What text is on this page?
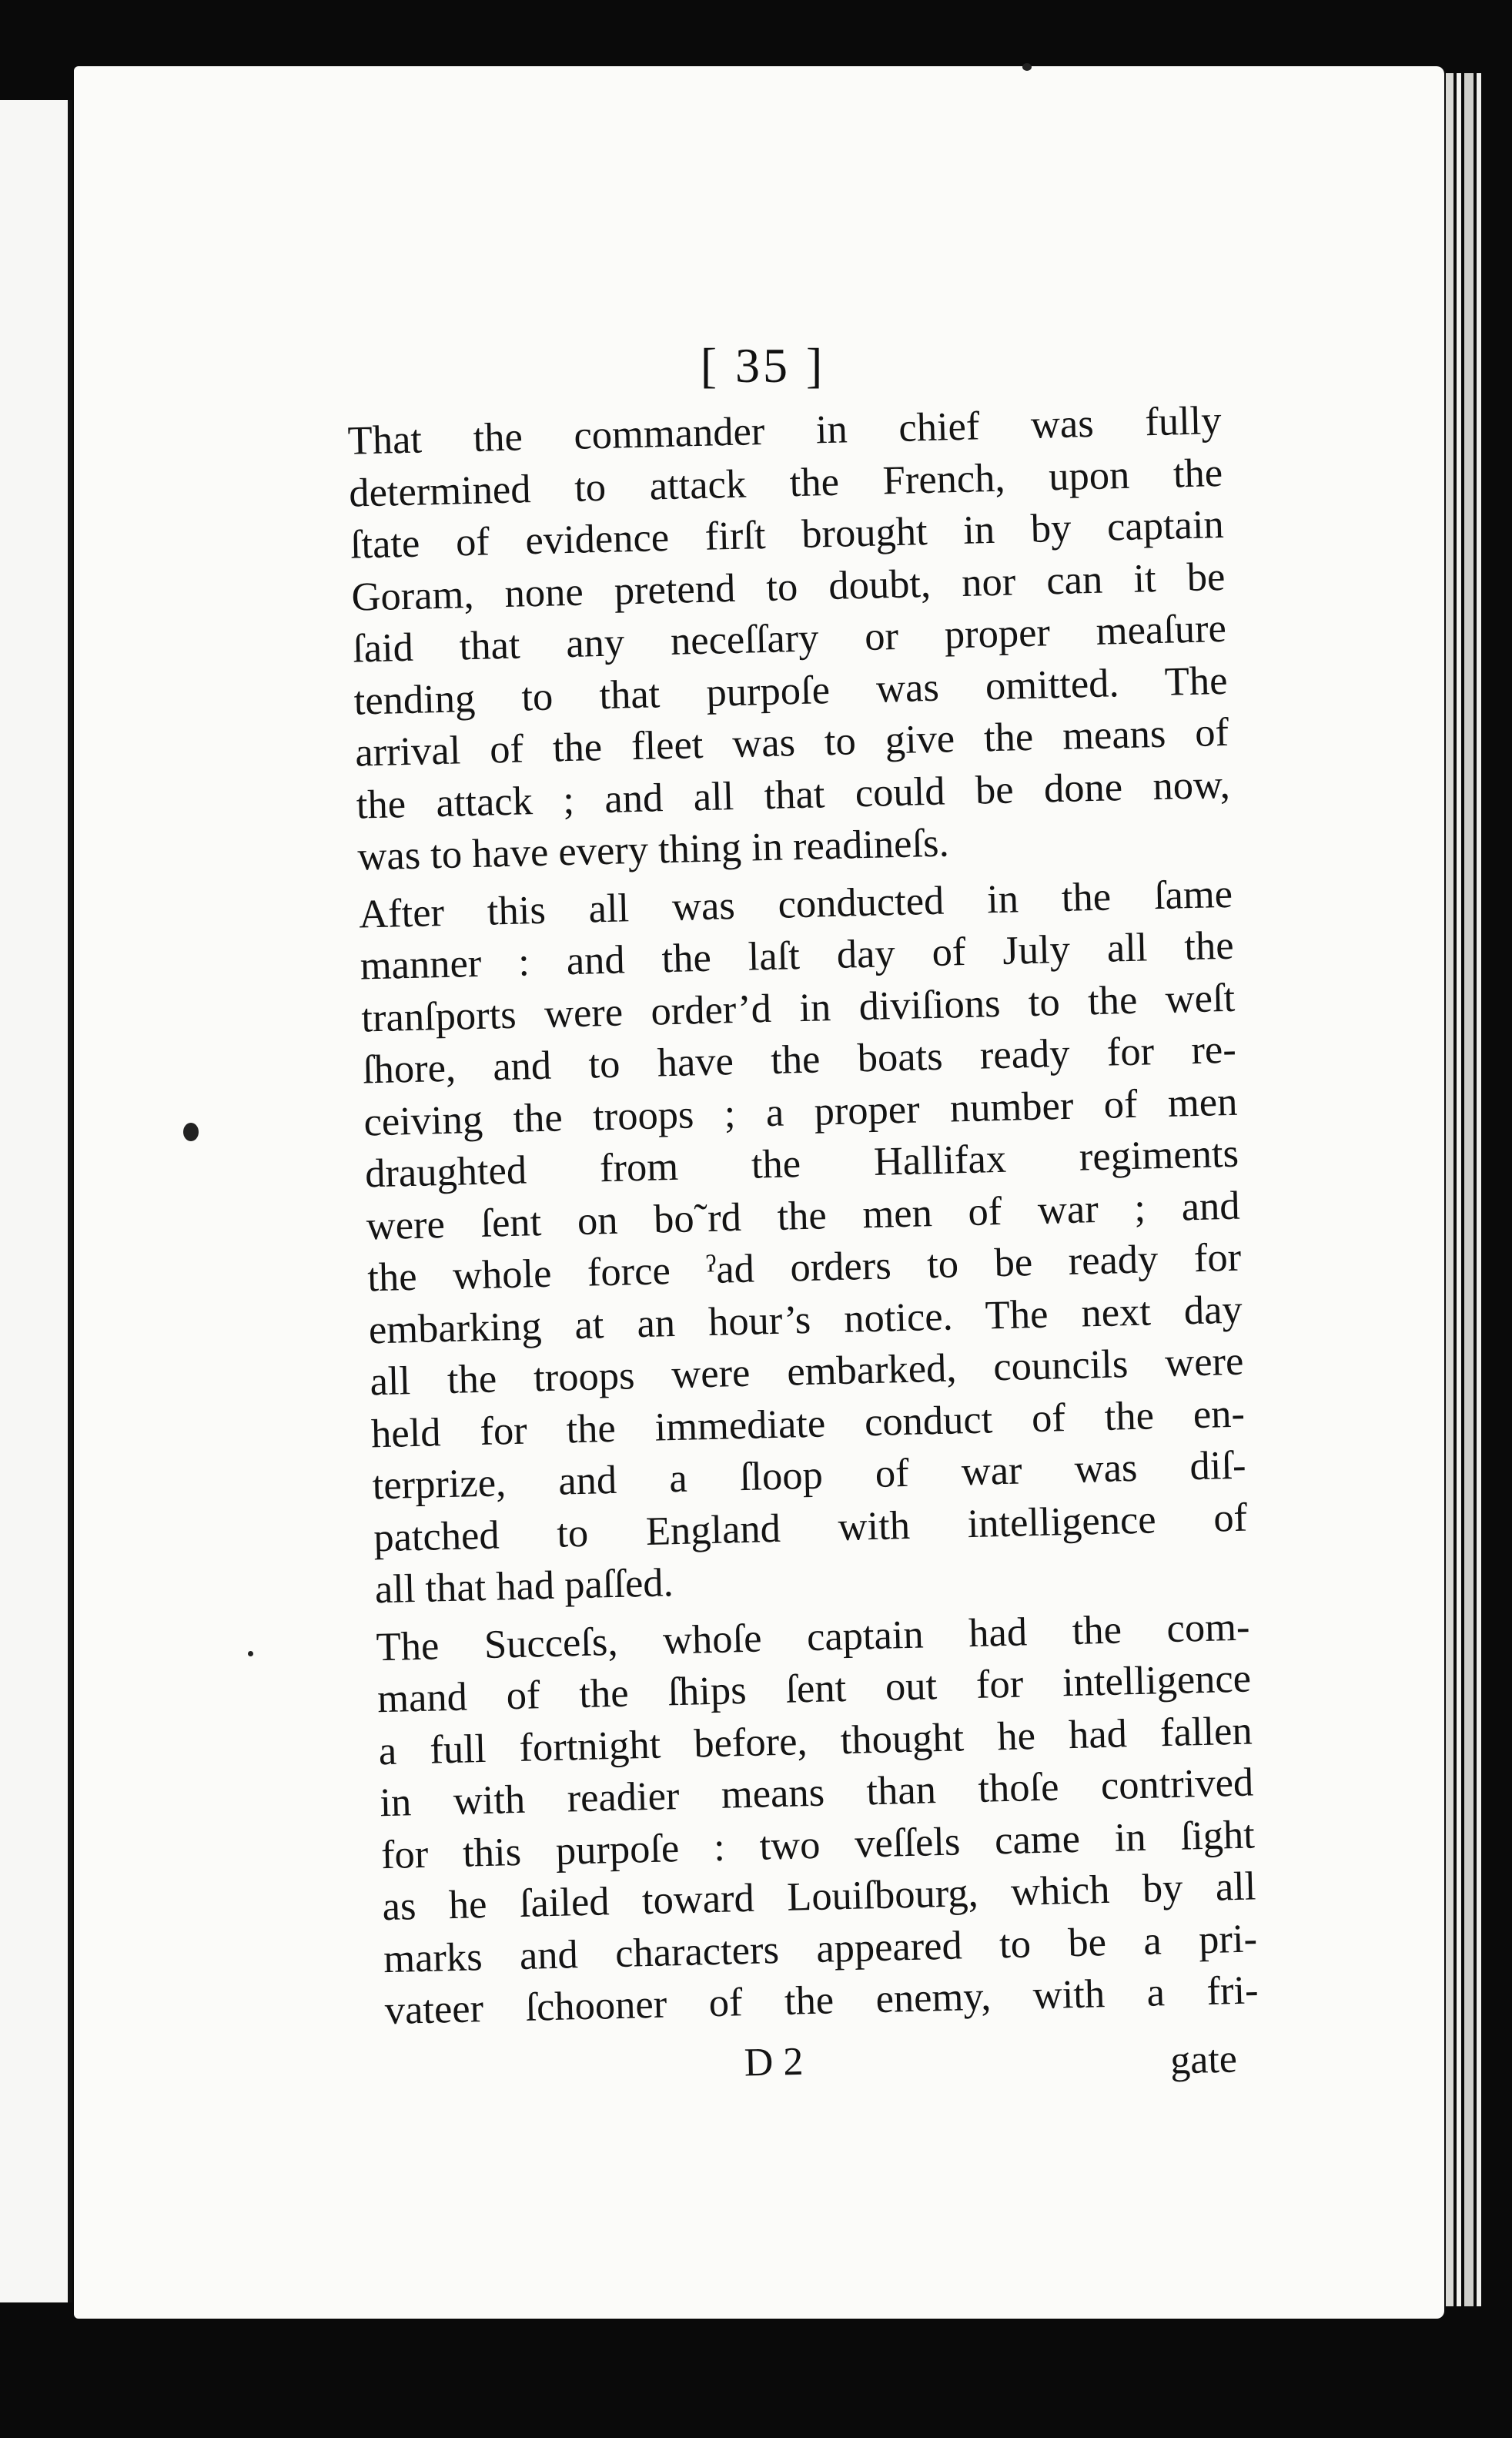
[ 35 ]
That the commander in chief was fully
determined to attack the French, upon the
ſtate of evidence firſt brought in by captain
Goram, none pretend to doubt, nor can it be
ſaid that any neceſſary or proper meaſure
tending to that purpoſe was omitted. The
arrival of the fleet was to give the means of
the attack ; and all that could be done now,
was to have every thing in readineſs.
After this all was conducted in the ſame
manner : and the laſt day of July all the
tranſports were order’d in diviſions to the weſt
ſhore, and to have the boats ready for re-
ceiving the troops ; a proper number of men
draughted from the Hallifax regiments
were ſent on bo˜rd the men of war ; and
the whole force ˀad orders to be ready for
embarking at an hour’s notice. The next day
all the troops were embarked, councils were
held for the immediate conduct of the en-
terprize, and a ſloop of war was diſ-
patched to England with intelligence of
all that had paſſed.
The Succeſs, whoſe captain had the com-
mand of the ſhips ſent out for intelligence
a full fortnight before, thought he had fallen
in with readier means than thoſe contrived
for this purpoſe : two veſſels came in ſight
as he ſailed toward Louiſbourg, which by all
marks and characters appeared to be a pri-
vateer ſchooner of the enemy, with a fri-
D 2	gate
